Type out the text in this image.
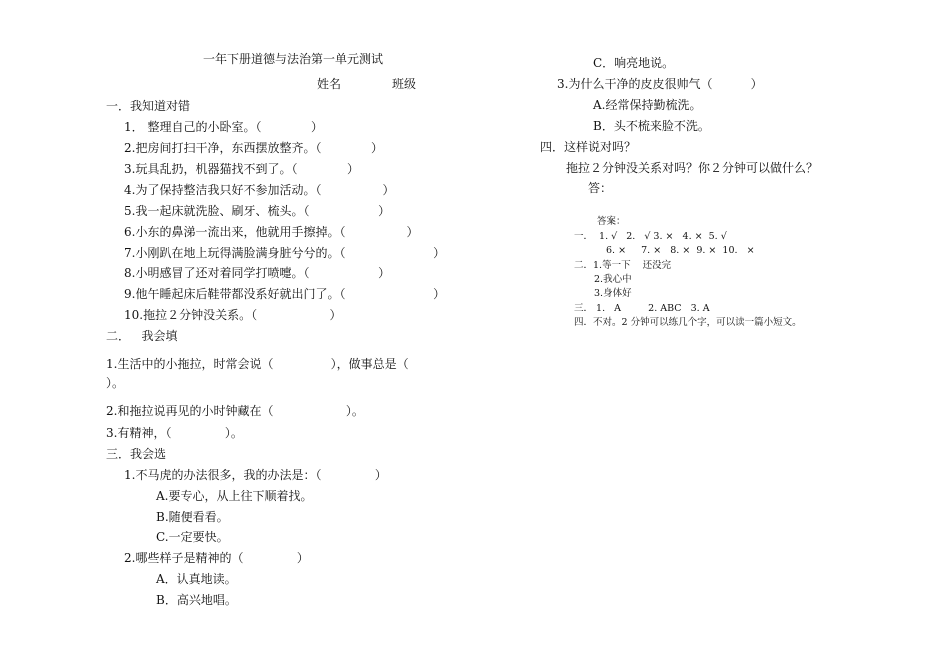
一年下册道德与法治第一单元测试
姓名	班级
一．我知道对错
1． 整理自己的小卧室。（             ）
2.把房间打扫干净，东西摆放整齐。（             ）
3.玩具乱扔，机器猫找不到了。（             ）
4.为了保持整洁我只好不参加活动。（                ）
5.我一起床就洗脸、刷牙、梳头。（                  ）
6.小东的鼻涕一流出来，他就用手擦掉。（                ）
7.小刚趴在地上玩得满脸满身脏兮兮的。（                       ）
8.小明感冒了还对着同学打喷嚏。（                  ）
9.他午睡起床后鞋带都没系好就出门了。（                       ）
10.拖拉２分钟没关系。（                   ）
二．   我会填
1.生活中的小拖拉，时常会说（               ），做事总是（
）。
2.和拖拉说再见的小时钟藏在（                   ）。
3.有精神，（              ）。
三．我会选
1.不马虎的办法很多，我的办法是：（              ）
A.要专心，从上往下顺着找。
B.随便看看。
C.一定要快。
2.哪些样子是精神的（              ）
A．认真地读。
B．高兴地唱。
C．响亮地说。
3.为什么干净的皮皮很帅气（          ）
A.经常保持勤梳洗。
B．头不梳来脸不洗。
四．这样说对吗？
拖拉２分钟没关系对吗？你２分钟可以做什么？
答：
答案：
一．  1. √   2.   √ 3. ×   4. ×  5. √
6. ×     7. ×   8. ×  9. ×  10.   ×
二．1.等一下    还没完
2.我心中
3.身体好
三． 1.   A         2. ABC   3. A
四．不对。2 分钟可以练几个字，可以读一篇小短文。
